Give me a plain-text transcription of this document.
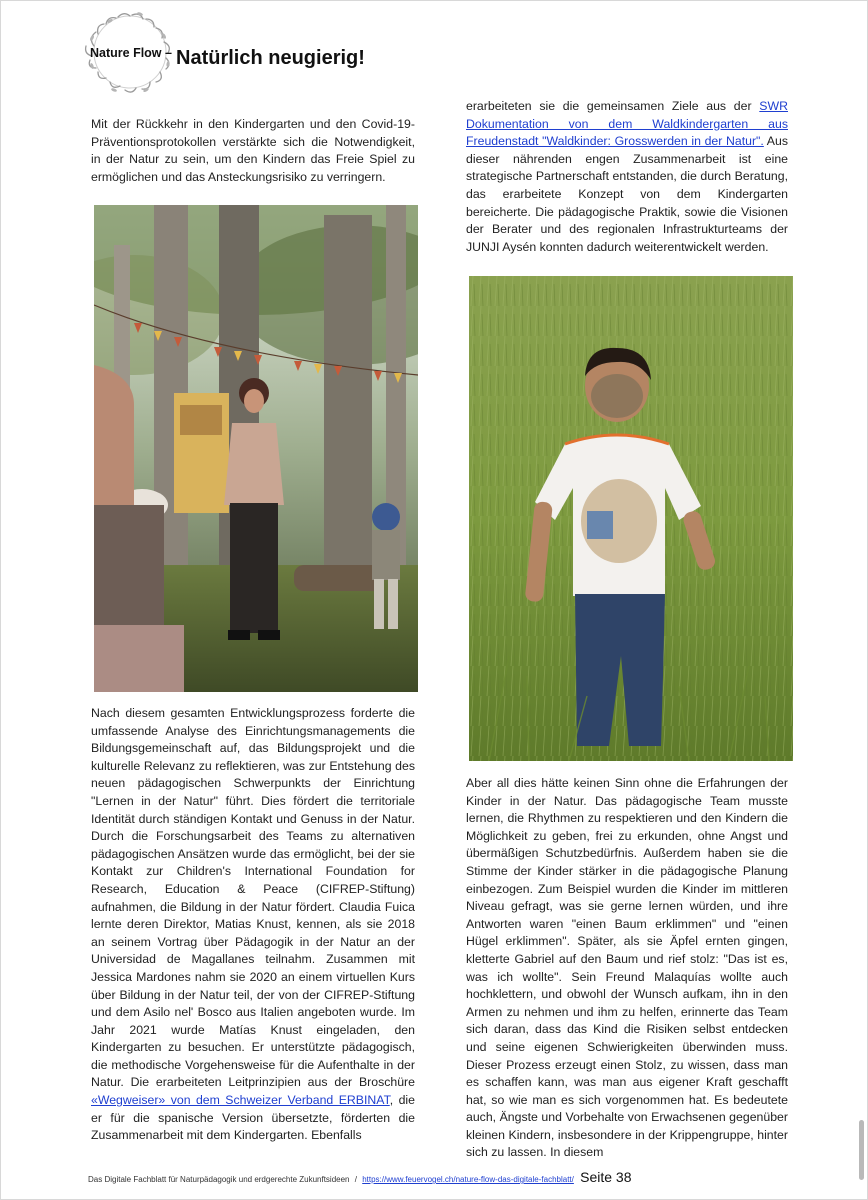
Nature Flow – Natürlich neugierig!

Mit der Rückkehr in den Kindergarten und den Covid-19-Präventionsprotokollen verstärkte sich die Notwendigkeit, in der Natur zu sein, um den Kindern das Freie Spiel zu ermöglichen und das Ansteckungsrisiko zu verringern.

Nach diesem gesamten Entwicklungsprozess forderte die umfassende Analyse des Einrichtungsmanagements die Bildungsgemeinschaft auf, das Bildungsprojekt und die kulturelle Relevanz zu reflektieren, was zur Entstehung des neuen pädagogischen Schwerpunkts der Einrichtung "Lernen in der Natur" führt. Dies fördert die territoriale Identität durch ständigen Kontakt und Genuss in der Natur. Durch die Forschungsarbeit des Teams zu alternativen pädagogischen Ansätzen wurde das ermöglicht, bei der sie Kontakt zur Children's International Foundation for Research, Education & Peace (CIFREP-Stiftung) aufnahmen, die Bildung in der Natur fördert. Claudia Fuica lernte deren Direktor, Matias Knust, kennen, als sie 2018 an seinem Vortrag über Pädagogik in der Natur an der Universidad de Magallanes teilnahm. Zusammen mit Jessica Mardones nahm sie 2020 an einem virtuellen Kurs über Bildung in der Natur teil, der von der CIFREP-Stiftung und dem Asilo nel' Bosco aus Italien angeboten wurde. Im Jahr 2021 wurde Matías Knust eingeladen, den Kindergarten zu besuchen. Er unterstützte pädagogisch, die methodische Vorgehensweise für die Aufenthalte in der Natur. Die erarbeiteten Leitprinzipien aus der Broschüre «Wegweiser» von dem Schweizer Verband ERBINAT, die er für die spanische Version übersetzte, förderten die Zusammenarbeit mit dem Kindergarten. Ebenfalls

erarbeiteten sie die gemeinsamen Ziele aus der SWR Dokumentation von dem Waldkindergarten aus Freudenstadt "Waldkinder: Grosswerden in der Natur". Aus dieser nährenden engen Zusammenarbeit ist eine strategische Partnerschaft entstanden, die durch Beratung, das erarbeitete Konzept von dem Kindergarten bereicherte. Die pädagogische Praktik, sowie die Visionen der Berater und des regionalen Infrastrukturteams der JUNJI Aysén konnten dadurch weiterentwickelt werden.

Aber all dies hätte keinen Sinn ohne die Erfahrungen der Kinder in der Natur. Das pädagogische Team musste lernen, die Rhythmen zu respektieren und den Kindern die Möglichkeit zu geben, frei zu erkunden, ohne Angst und übermäßigen Schutzbedürfnis. Außerdem haben sie die Stimme der Kinder stärker in die pädagogische Planung einbezogen. Zum Beispiel wurden die Kinder im mittleren Niveau gefragt, was sie gerne lernen würden, und ihre Antworten waren "einen Baum erklimmen" und "einen Hügel erklimmen". Später, als sie Äpfel ernten gingen, kletterte Gabriel auf den Baum und rief stolz: "Das ist es, was ich wollte". Sein Freund Malaquías wollte auch hochklettern, und obwohl der Wunsch aufkam, ihn in den Armen zu nehmen und ihm zu helfen, erinnerte das Team sich daran, dass das Kind die Risiken selbst entdecken und seine eigenen Schwierigkeiten überwinden muss. Dieser Prozess erzeugt einen Stolz, zu wissen, dass man es schaffen kann, was man aus eigener Kraft geschafft hat, so wie man es sich vorgenommen hat. Es bedeutete auch, Ängste und Vorbehalte von Erwachsenen gegenüber kleinen Kindern, insbesondere in der Krippengruppe, hinter sich zu lassen. In diesem

Das Digitale Fachblatt für Naturpädagogik und erdgerechte Zukunftsideen / https://www.feuervogel.ch/nature-flow-das-digitale-fachblatt/ Seite 38
